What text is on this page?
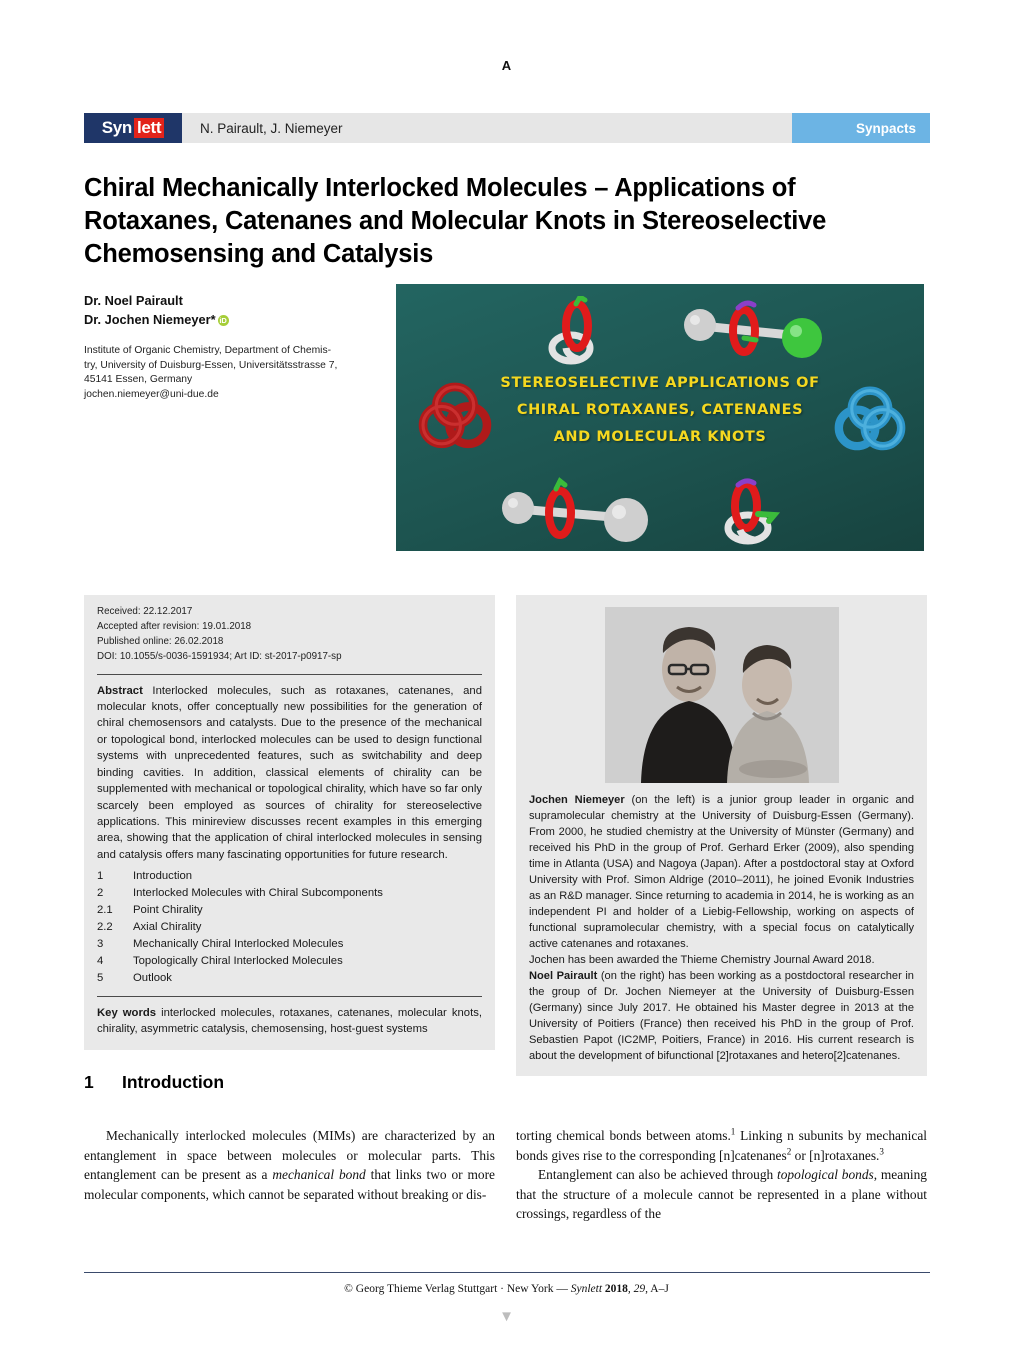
A
Syn lett	N. Pairault, J. Niemeyer	Synpacts
Chiral Mechanically Interlocked Molecules – Applications of Rotaxanes, Catenanes and Molecular Knots in Stereoselective Chemosensing and Catalysis
Dr. Noel Pairault
Dr. Jochen Niemeyer* iD
Institute of Organic Chemistry, Department of Chemis-
try, University of Duisburg-Essen, Universitätsstrasse 7,
45141 Essen, Germany
jochen.niemeyer@uni-due.de
STEREOSELECTIVE APPLICATIONS OF
CHIRAL ROTAXANES, CATENANES
AND MOLECULAR KNOTS
Received: 22.12.2017
Accepted after revision: 19.01.2018
Published online: 26.02.2018
DOI: 10.1055/s-0036-1591934; Art ID: st-2017-p0917-sp
Abstract Interlocked molecules, such as rotaxanes, catenanes, and molecular knots, offer conceptually new possibilities for the generation of chiral chemosensors and catalysts. Due to the presence of the mechanical or topological bond, interlocked molecules can be used to design functional systems with unprecedented features, such as switchability and deep binding cavities. In addition, classical elements of chirality can be supplemented with mechanical or topological chirality, which have so far only scarcely been employed as sources of chirality for stereoselective applications. This minireview discusses recent examples in this emerging area, showing that the application of chiral interlocked molecules in sensing and catalysis offers many fascinating opportunities for future research.
1	Introduction
2	Interlocked Molecules with Chiral Subcomponents
2.1	Point Chirality
2.2	Axial Chirality
3	Mechanically Chiral Interlocked Molecules
4	Topologically Chiral Interlocked Molecules
5	Outlook
Key words interlocked molecules, rotaxanes, catenanes, molecular knots, chirality, asymmetric catalysis, chemosensing, host-guest systems
Jochen Niemeyer (on the left) is a junior group leader in organic and supramolecular chemistry at the University of Duisburg-Essen (Germany). From 2000, he studied chemistry at the University of Münster (Germany) and received his PhD in the group of Prof. Gerhard Erker (2009), also spending time in Atlanta (USA) and Nagoya (Japan). After a postdoctoral stay at Oxford University with Prof. Simon Aldrige (2010–2011), he joined Evonik Industries as an R&D manager. Since returning to academia in 2014, he is working as an independent PI and holder of a Liebig-Fellowship, working on aspects of functional supramolecular chemistry, with a special focus on catalytically active catenanes and rotaxanes.
Jochen has been awarded the Thieme Chemistry Journal Award 2018.
Noel Pairault (on the right) has been working as a postdoctoral researcher in the group of Dr. Jochen Niemeyer at the University of Duisburg-Essen (Germany) since July 2017. He obtained his Master degree in 2013 at the University of Poitiers (France) then received his PhD in the group of Prof. Sebastien Papot (IC2MP, Poitiers, France) in 2016. His current research is about the development of bifunctional [2]rotaxanes and hetero[2]catenanes.
1 Introduction

Mechanically interlocked molecules (MIMs) are characterized by an entanglement in space between molecules or molecular parts. This entanglement can be present as a mechanical bond that links two or more molecular components, which cannot be separated without breaking or dis-

torting chemical bonds between atoms.$^1$ Linking n subunits by mechanical bonds gives rise to the corresponding [n]catenanes$^2$ or [n]rotaxanes.$^3$

Entanglement can also be achieved through topological bonds, meaning that the structure of a molecule cannot be represented in a plane without crossings, regardless of the

© Georg Thieme Verlag Stuttgart · New York — Synlett 2018, 29, A–J
▼
